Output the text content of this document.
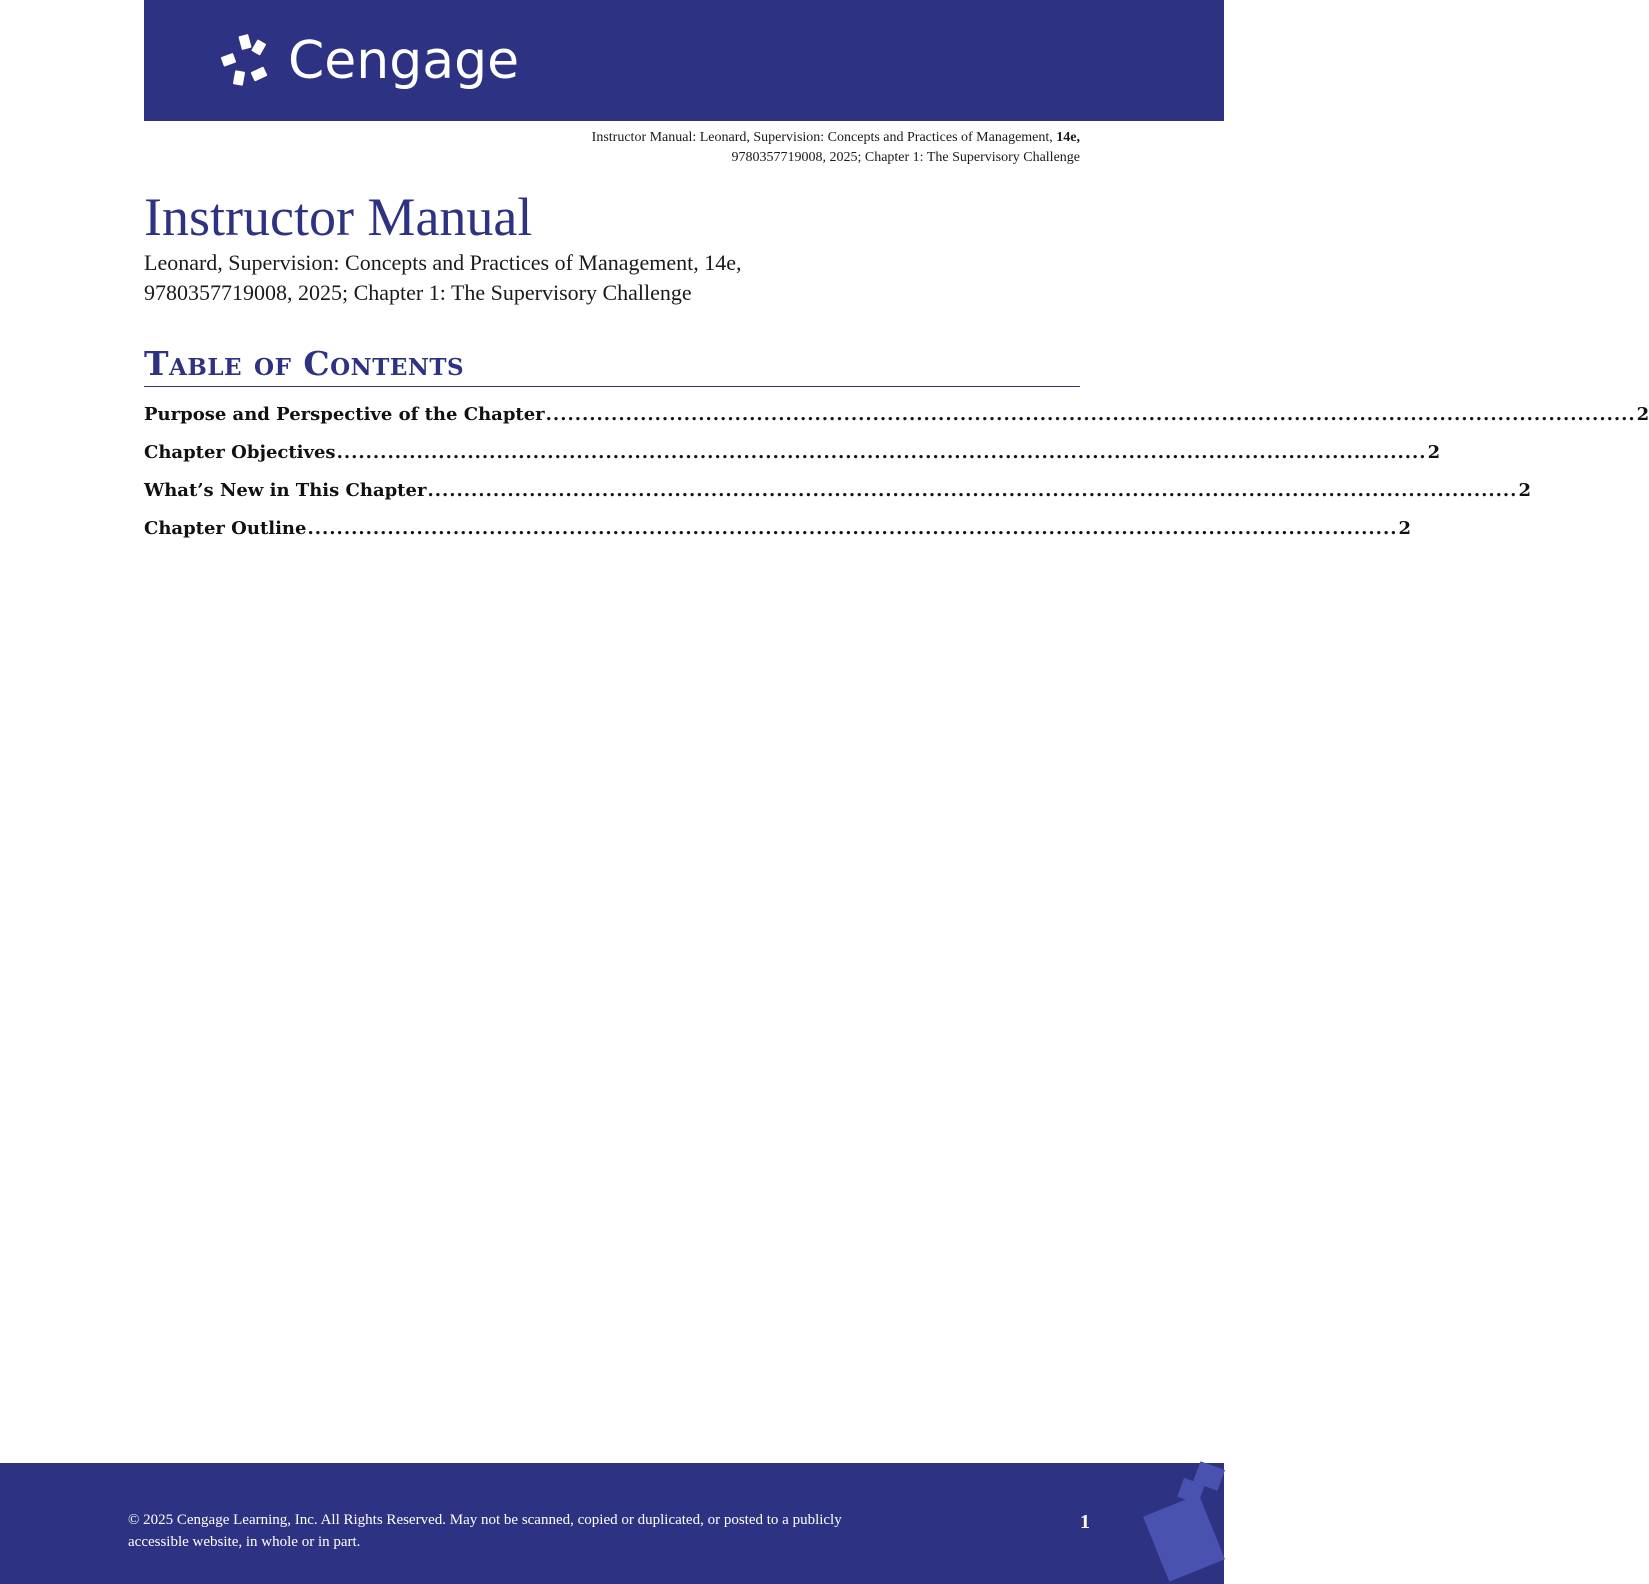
Cengage
Instructor Manual: Leonard, Supervision: Concepts and Practices of Management, 14e,
9780357719008, 2025; Chapter 1: The Supervisory Challenge
Instructor Manual
Leonard, Supervision: Concepts and Practices of Management, 14e,
9780357719008, 2025; Chapter 1: The Supervisory Challenge
Table of Contents
Purpose and Perspective of the Chapter ...................................................................................................................................................... 2
Chapter Objectives ...................................................................................................................................................... 2
What’s New in This Chapter ...................................................................................................................................................... 2
Chapter Outline ...................................................................................................................................................... 2
© 2025 Cengage Learning, Inc. All Rights Reserved. May not be scanned, copied or duplicated, or posted to a publicly
accessible website, in whole or in part.
1
